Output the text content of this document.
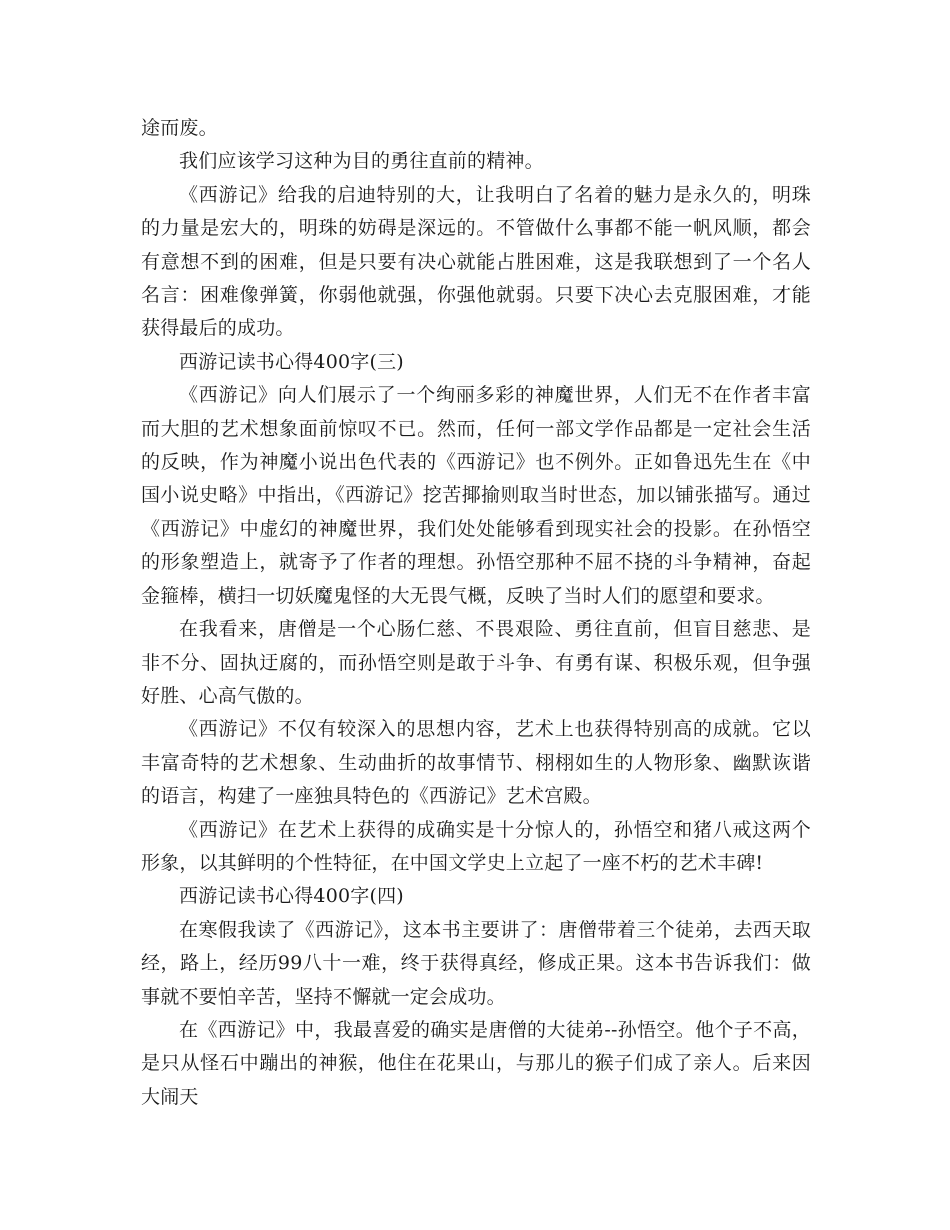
途而废。

我们应该学习这种为目的勇往直前的精神。

《西游记》给我的启迪特别的大，让我明白了名着的魅力是永久的，明珠的力量是宏大的，明珠的妨碍是深远的。不管做什么事都不能一帆风顺，都会有意想不到的困难，但是只要有决心就能占胜困难，这是我联想到了一个名人名言：困难像弹簧，你弱他就强，你强他就弱。只要下决心去克服困难，才能获得最后的成功。

西游记读书心得400字(三)

《西游记》向人们展示了一个绚丽多彩的神魔世界，人们无不在作者丰富而大胆的艺术想象面前惊叹不已。然而，任何一部文学作品都是一定社会生活的反映，作为神魔小说出色代表的《西游记》也不例外。正如鲁迅先生在《中国小说史略》中指出，《西游记》挖苦揶揄则取当时世态，加以铺张描写。通过《西游记》中虚幻的神魔世界，我们处处能够看到现实社会的投影。在孙悟空的形象塑造上，就寄予了作者的理想。孙悟空那种不屈不挠的斗争精神，奋起金箍棒，横扫一切妖魔鬼怪的大无畏气概，反映了当时人们的愿望和要求。

在我看来，唐僧是一个心肠仁慈、不畏艰险、勇往直前，但盲目慈悲、是非不分、固执迂腐的，而孙悟空则是敢于斗争、有勇有谋、积极乐观，但争强好胜、心高气傲的。

《西游记》不仅有较深入的思想内容，艺术上也获得特别高的成就。它以丰富奇特的艺术想象、生动曲折的故事情节、栩栩如生的人物形象、幽默诙谐的语言，构建了一座独具特色的《西游记》艺术宫殿。

《西游记》在艺术上获得的成确实是十分惊人的，孙悟空和猪八戒这两个形象，以其鲜明的个性特征，在中国文学史上立起了一座不朽的艺术丰碑!

西游记读书心得400字(四)

在寒假我读了《西游记》，这本书主要讲了：唐僧带着三个徒弟，去西天取经，路上，经历99八十一难，终于获得真经，修成正果。这本书告诉我们：做事就不要怕辛苦，坚持不懈就一定会成功。

在《西游记》中，我最喜爱的确实是唐僧的大徒弟--孙悟空。他个子不高，是只从怪石中蹦出的神猴，他住在花果山，与那儿的猴子们成了亲人。后来因大闹天
